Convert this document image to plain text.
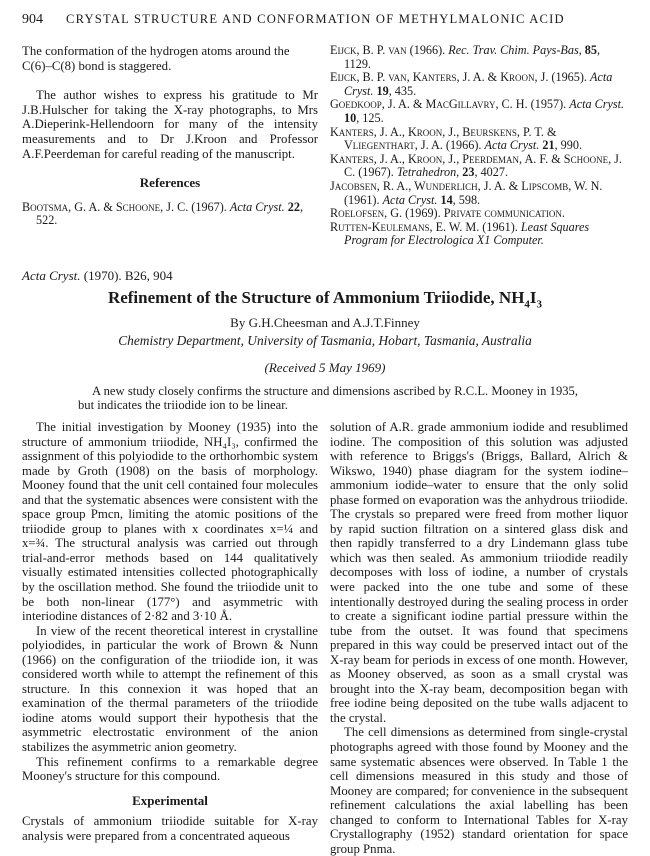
904 CRYSTAL STRUCTURE AND CONFORMATION OF METHYLMALONIC ACID

The conformation of the hydrogen atoms around the C(6)–C(8) bond is staggered.

The author wishes to express his gratitude to Mr J.B.Hulscher for taking the X-ray photographs, to Mrs A.Dieperink-Hellendoorn for many of the intensity measurements and to Dr J.Kroon and Professor A.F.Peerdeman for careful reading of the manuscript.

References
Bootsma, G. A. & Schoone, J. C. (1967). Acta Cryst. 22, 522.
Eijck, B. P. van (1966). Rec. Trav. Chim. Pays-Bas, 85, 1129.
Eijck, B. P. van, Kanters, J. A. & Kroon, J. (1965). Acta Cryst. 19, 435.
Goedkoop, J. A. & MacGillavry, C. H. (1957). Acta Cryst. 10, 125.
Kanters, J. A., Kroon, J., Beurskens, P. T. & Vliegenthart, J. A. (1966). Acta Cryst. 21, 990.
Kanters, J. A., Kroon, J., Peerdeman, A. F. & Schoone, J. C. (1967). Tetrahedron, 23, 4027.
Jacobsen, R. A., Wunderlich, J. A. & Lipscomb, W. N. (1961). Acta Cryst. 14, 598.
Roelofsen, G. (1969). Private communication.
Rutten-Keulemans, E. W. M. (1961). Least Squares Program for Electrologica X1 Computer.
Acta Cryst. (1970). B26, 904
Refinement of the Structure of Ammonium Triiodide, $NH_4I_3$
By G.H.Cheesman and A.J.T.Finney
Chemistry Department, University of Tasmania, Hobart, Tasmania, Australia
(Received 5 May 1969)
A new study closely confirms the structure and dimensions ascribed by R.C.L. Mooney in 1935, but indicates the triiodide ion to be linear.

The initial investigation by Mooney (1935) into the structure of ammonium triiodide, NH₄I₃, confirmed the assignment of this polyiodide to the orthorhombic system made by Groth (1908) on the basis of morphology. Mooney found that the unit cell contained four molecules and that the systematic absences were consistent with the space group Pmcn, limiting the atomic positions of the triiodide group to planes with x coordinates x=¼ and x=¾. The structural analysis was carried out through trial-and-error methods based on 144 qualitatively visually estimated intensities collected photographically by the oscillation method. She found the triiodide unit to be both non-linear (177°) and asymmetric with interiodine distances of 2·82 and 3·10 Å.

In view of the recent theoretical interest in crystalline polyiodides, in particular the work of Brown & Nunn (1966) on the configuration of the triiodide ion, it was considered worth while to attempt the refinement of this structure. In this connexion it was hoped that an examination of the thermal parameters of the triiodide iodine atoms would support their hypothesis that the asymmetric electrostatic environment of the anion stabilizes the asymmetric anion geometry.

This refinement confirms to a remarkable degree Mooney's structure for this compound.

Experimental

Crystals of ammonium triiodide suitable for X-ray analysis were prepared from a concentrated aqueous

solution of A.R. grade ammonium iodide and resublimed iodine. The composition of this solution was adjusted with reference to Briggs's (Briggs, Ballard, Alrich & Wikswo, 1940) phase diagram for the system iodine–ammonium iodide–water to ensure that the only solid phase formed on evaporation was the anhydrous triiodide. The crystals so prepared were freed from mother liquor by rapid suction filtration on a sintered glass disk and then rapidly transferred to a dry Lindemann glass tube which was then sealed. As ammonium triiodide readily decomposes with loss of iodine, a number of crystals were packed into the one tube and some of these intentionally destroyed during the sealing process in order to create a significant iodine partial pressure within the tube from the outset. It was found that specimens prepared in this way could be preserved intact out of the X-ray beam for periods in excess of one month. However, as Mooney observed, as soon as a small crystal was brought into the X-ray beam, decomposition began with free iodine being deposited on the tube walls adjacent to the crystal.

The cell dimensions as determined from single-crystal photographs agreed with those found by Mooney and the same systematic absences were observed. In Table 1 the cell dimensions measured in this study and those of Mooney are compared; for convenience in the subsequent refinement calculations the axial labelling has been changed to conform to International Tables for X-ray Crystallography (1952) standard orientation for space group Pnma.
